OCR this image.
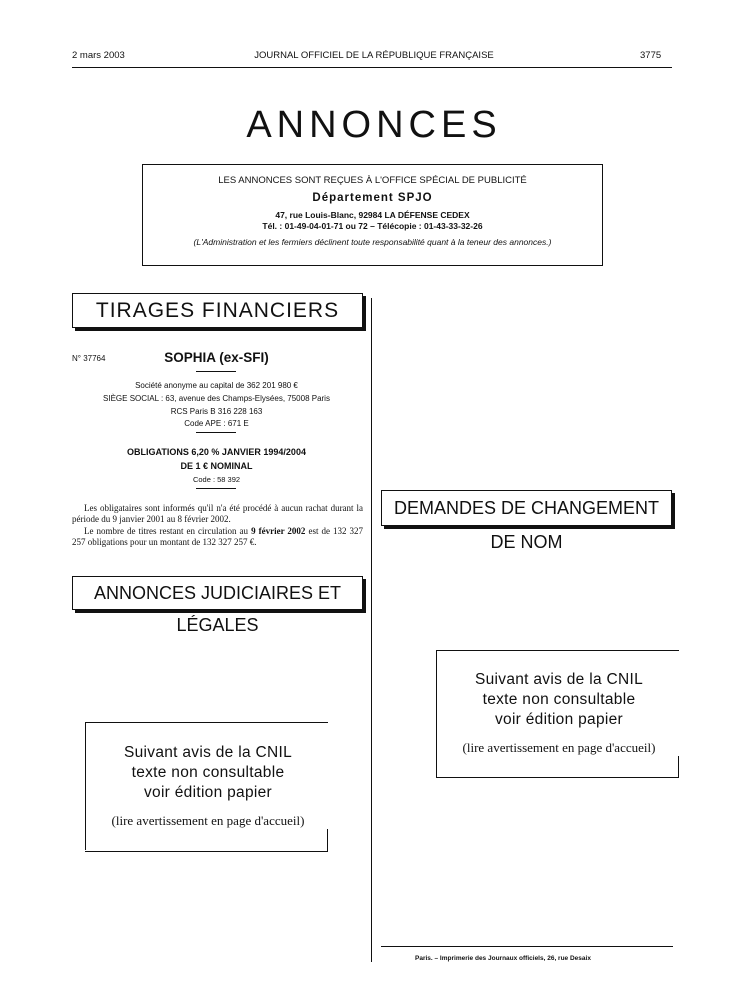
2 mars 2003	JOURNAL OFFICIEL DE LA RÉPUBLIQUE FRANÇAISE	3775
ANNONCES
LES ANNONCES SONT REÇUES À L'OFFICE SPÉCIAL DE PUBLICITÉ
Département SPJO
47, rue Louis-Blanc, 92984 LA DÉFENSE CEDEX
Tél. : 01-49-04-01-71 ou 72 – Télécopie : 01-43-33-32-26
(L'Administration et les fermiers déclinent toute responsabilité quant à la teneur des annonces.)
TIRAGES FINANCIERS
N° 37764	SOPHIA (ex-SFI)
Société anonyme au capital de 362 201 980 €
SIÈGE SOCIAL : 63, avenue des Champs-Elysées, 75008 Paris
RCS Paris B 316 228 163
Code APE : 671 E
OBLIGATIONS 6,20 % JANVIER 1994/2004
DE 1 € NOMINAL
Code : 58 392
Les obligataires sont informés qu'il n'a été procédé à aucun rachat durant la période du 9 janvier 2001 au 8 février 2002.
Le nombre de titres restant en circulation au 9 février 2002 est de 132 327 257 obligations pour un montant de 132 327 257 €.
ANNONCES JUDICIAIRES ET LÉGALES
Suivant avis de la CNIL
texte non consultable
voir édition papier
(lire avertissement en page d'accueil)
DEMANDES DE CHANGEMENT DE NOM
Suivant avis de la CNIL
texte non consultable
voir édition papier
(lire avertissement en page d'accueil)
Paris. – Imprimerie des Journaux officiels, 26, rue Desaix
